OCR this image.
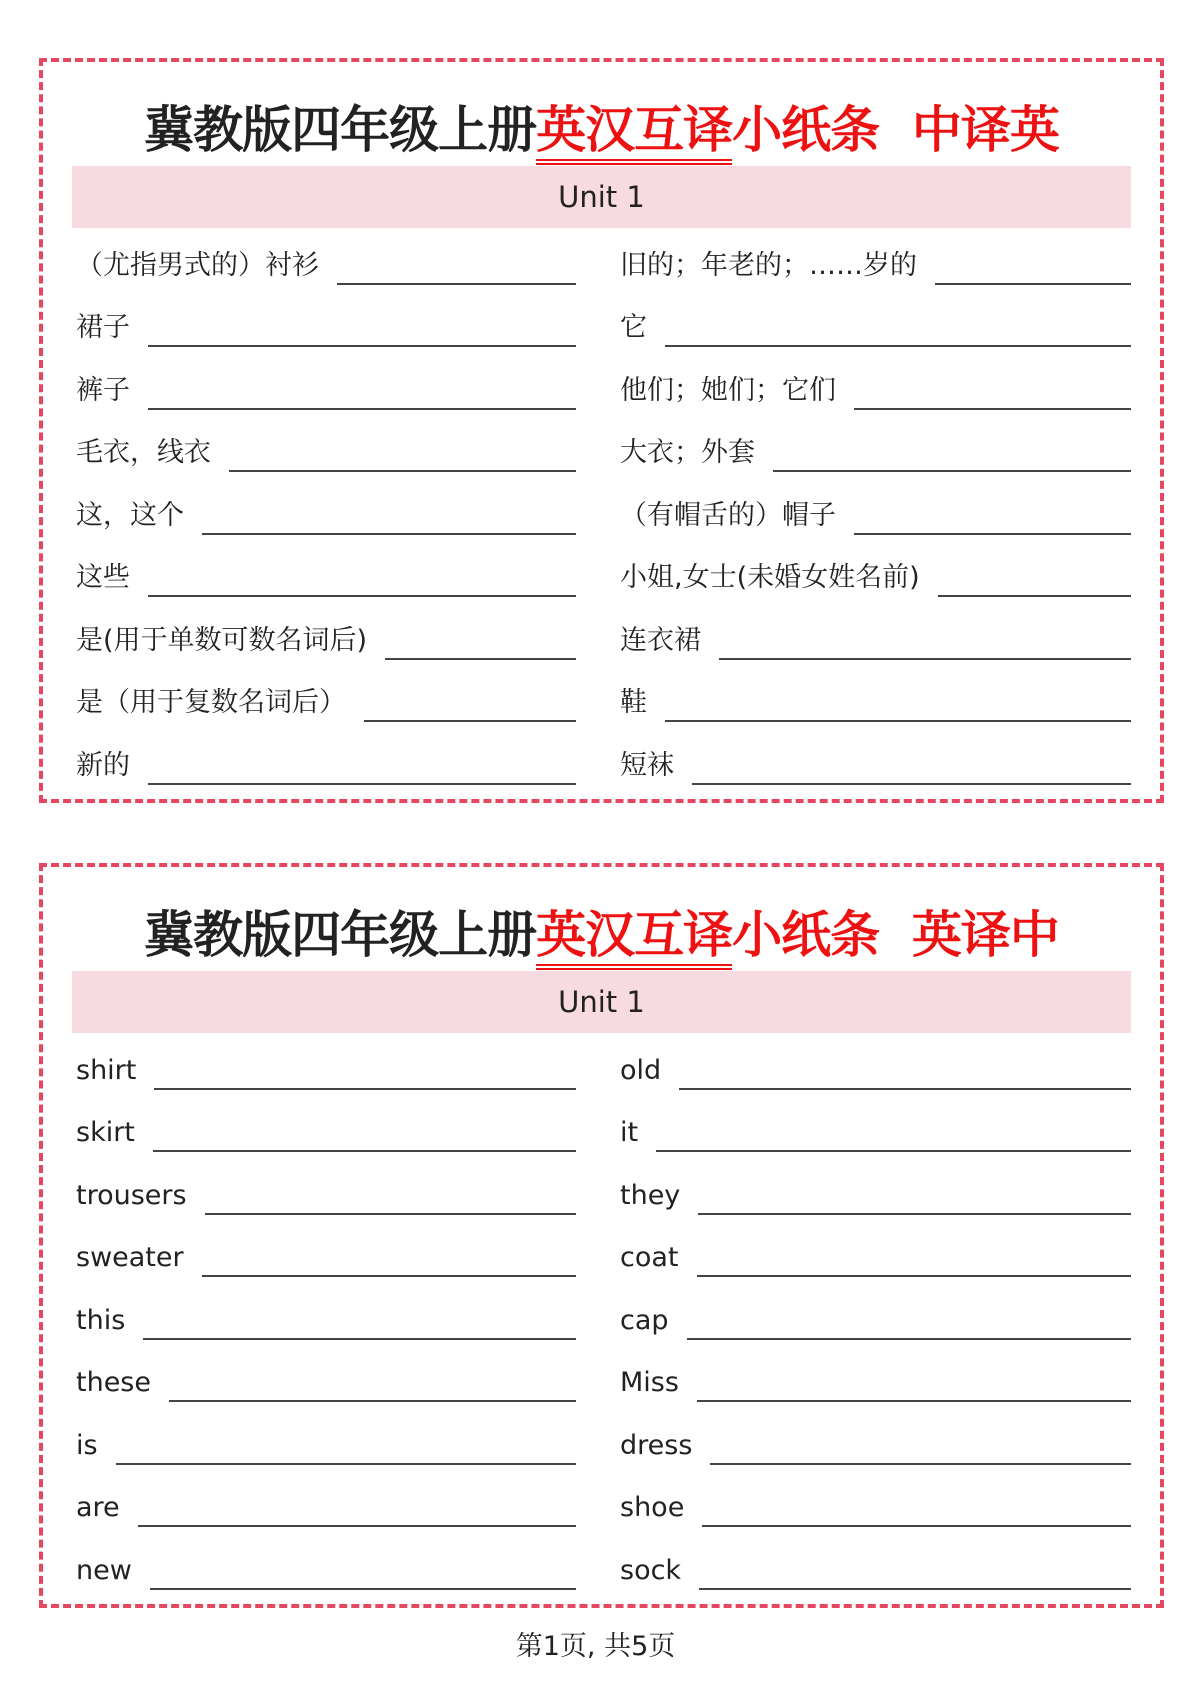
冀教版四年级上册英汉互译小纸条 中译英
Unit 1
（尤指男式的）衬衫	旧的；年老的；……岁的
裙子	它
裤子	他们；她们；它们
毛衣，线衣	大衣；外套
这，这个	（有帽舌的）帽子
这些	小姐,女士(未婚女姓名前)
是(用于单数可数名词后)	连衣裙
是（用于复数名词后）	鞋
新的	短袜
冀教版四年级上册英汉互译小纸条 英译中
Unit 1
shirt	old
skirt	it
trousers	they
sweater	coat
this	cap
these	Miss
is	dress
are	shoe
new	sock
第1页, 共5页
